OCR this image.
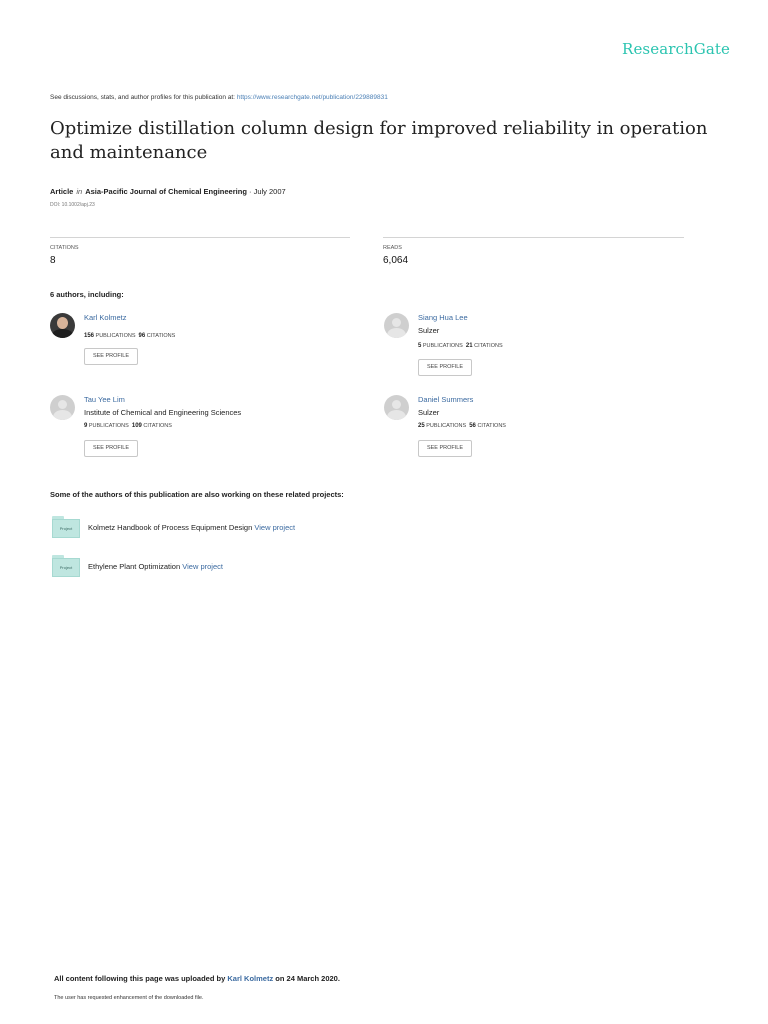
ResearchGate
See discussions, stats, and author profiles for this publication at: https://www.researchgate.net/publication/229889831
Optimize distillation column design for improved reliability in operation and maintenance
Article in Asia-Pacific Journal of Chemical Engineering · July 2007
DOI: 10.1002/apj.23
CITATIONS
8
READS
6,064
6 authors, including:
Karl Kolmetz
156 PUBLICATIONS 96 CITATIONS
SEE PROFILE
Siang Hua Lee
Sulzer
5 PUBLICATIONS 21 CITATIONS
SEE PROFILE
Tau Yee Lim
Institute of Chemical and Engineering Sciences
9 PUBLICATIONS 109 CITATIONS
SEE PROFILE
Daniel Summers
Sulzer
25 PUBLICATIONS 56 CITATIONS
SEE PROFILE
Some of the authors of this publication are also working on these related projects:
Project	Kolmetz Handbook of Process Equipment Design View project
Project	Ethylene Plant Optimization View project
All content following this page was uploaded by Karl Kolmetz on 24 March 2020.
The user has requested enhancement of the downloaded file.
